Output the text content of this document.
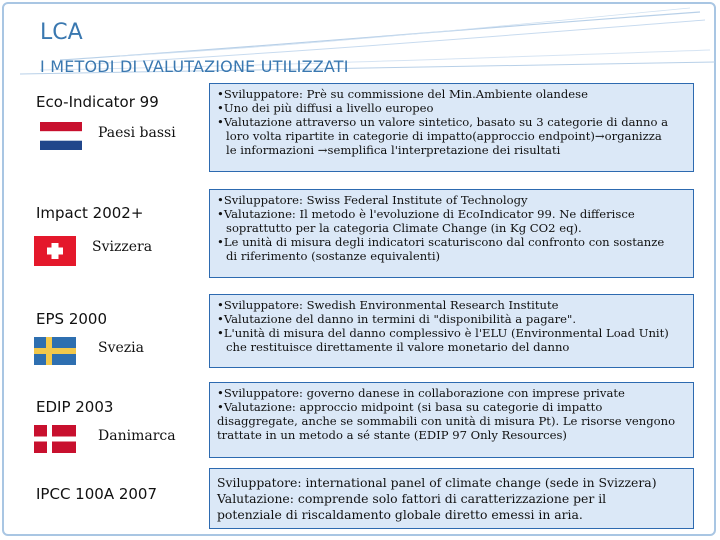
LCA
I METODI DI VALUTAZIONE UTILIZZATI
Eco-Indicator 99
Paesi bassi

•Sviluppatore: Prè su commissione del Min.Ambiente olandese

•Uno dei più diffusi a livello europeo

•Valutazione attraverso un valore sintetico, basato su 3 categorie di danno a

loro volta ripartite in categorie di impatto(approccio endpoint)→organizza

le informazioni →semplifica l'interpretazione dei risultati

Impact 2002+
Svizzera

•Sviluppatore: Swiss Federal Institute of Technology

•Valutazione: Il metodo è l'evoluzione di EcoIndicator 99. Ne differisce

soprattutto per la categoria Climate Change (in Kg CO2 eq).

•Le unità di misura degli indicatori scaturiscono dal confronto con sostanze

di riferimento (sostanze equivalenti)

EPS 2000
Svezia

•Sviluppatore: Swedish Environmental Research Institute

•Valutazione del danno in termini di "disponibilità a pagare".

•L'unità di misura del danno complessivo è l'ELU (Environmental Load Unit)

che restituisce direttamente il valore monetario del danno

EDIP 2003
Danimarca

•Sviluppatore: governo danese in collaborazione con imprese private

•Valutazione: approccio midpoint (si basa su categorie di impatto

disaggregate, anche se sommabili con unità di misura Pt). Le risorse vengono

trattate in un metodo a sé stante (EDIP 97 Only Resources)

IPCC 100A 2007

Sviluppatore: international panel of climate change (sede in Svizzera)

Valutazione: comprende solo fattori di caratterizzazione per il

potenziale di riscaldamento globale diretto emessi in aria.
